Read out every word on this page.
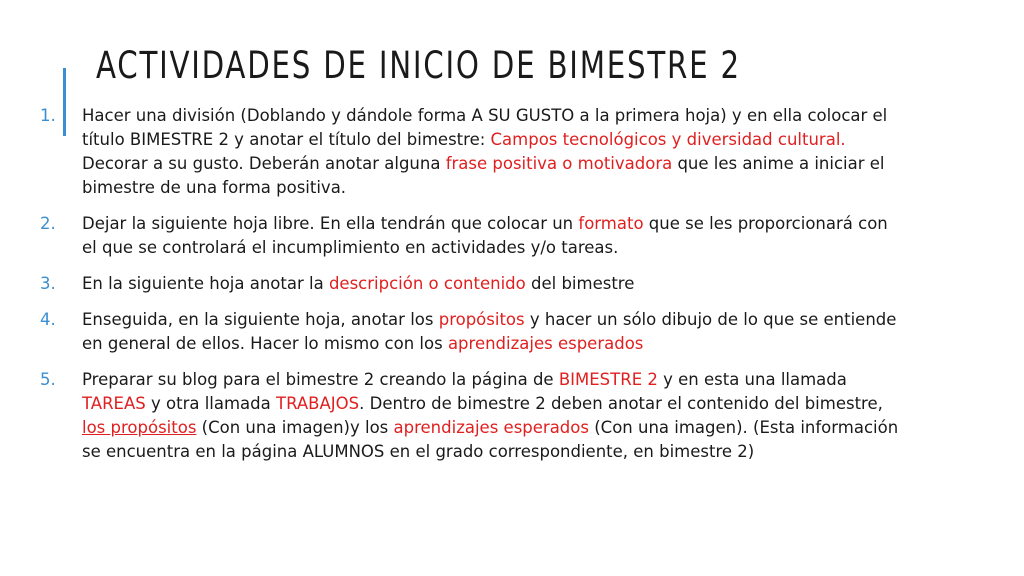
ACTIVIDADES DE INICIO DE BIMESTRE 2
1.	Hacer una división (Doblando y dándole forma A SU GUSTO a la primera hoja) y en ella colocar el título BIMESTRE 2 y anotar el título del bimestre: Campos tecnológicos y diversidad cultural. Decorar a su gusto. Deberán anotar alguna frase positiva o motivadora que les anime a iniciar el bimestre de una forma positiva.
2.	Dejar la siguiente hoja libre. En ella tendrán que colocar un formato que se les proporcionará con el que se controlará el incumplimiento en actividades y/o tareas.
3.	En la siguiente hoja anotar la descripción o contenido del bimestre
4.	Enseguida, en la siguiente hoja, anotar los propósitos y hacer un sólo dibujo de lo que se entiende en general de ellos. Hacer lo mismo con los aprendizajes esperados
5.	Preparar su blog para el bimestre 2 creando la página de BIMESTRE 2 y en esta una llamada TAREAS y otra llamada TRABAJOS. Dentro de bimestre 2 deben anotar el contenido del bimestre, los propósitos (Con una imagen)y los aprendizajes esperados (Con una imagen). (Esta información se encuentra en la página ALUMNOS en el grado correspondiente, en bimestre 2)
